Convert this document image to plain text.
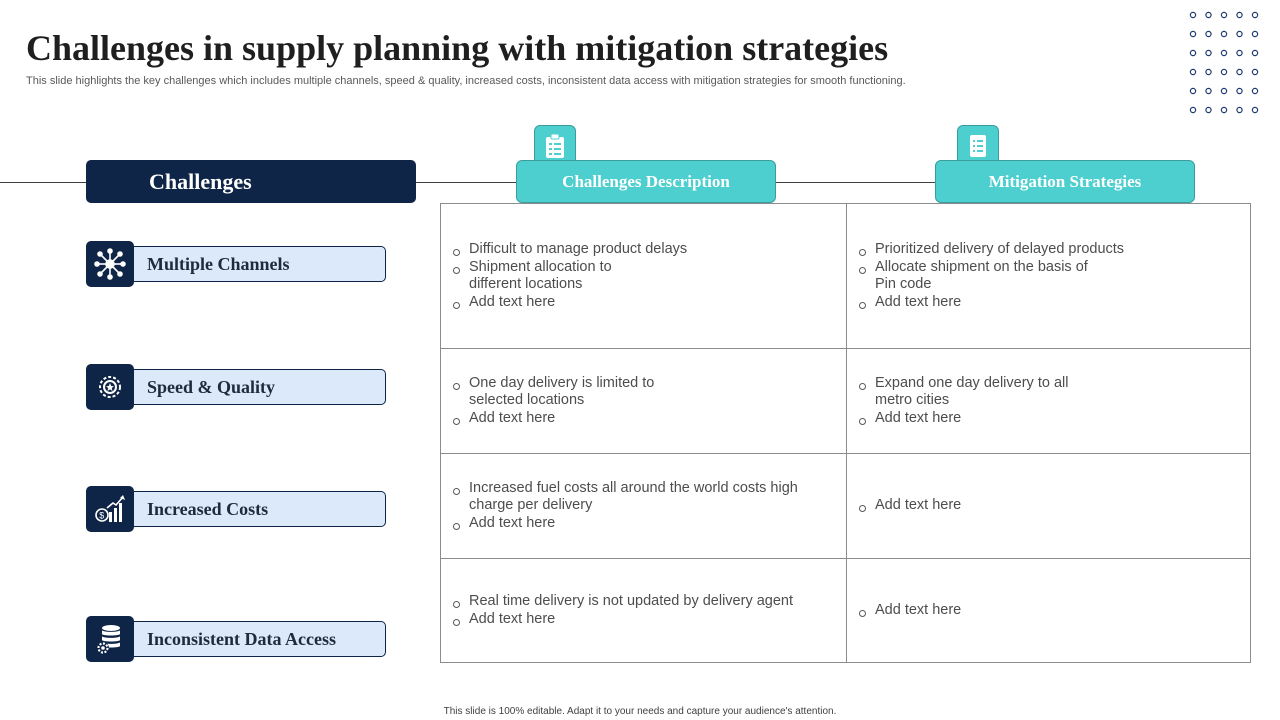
Challenges in supply planning with mitigation strategies
This slide highlights the key challenges which includes multiple channels, speed & quality, increased costs, inconsistent data access with mitigation strategies for smooth functioning.
Challenges	Challenges Description	Mitigation Strategies
Multiple Channels
Speed & Quality
Increased Costs
$
Inconsistent Data Access
Difficult to manage product delays
Shipment allocation to
different locations
Add text here
Prioritized delivery of delayed products
Allocate shipment on the basis of
Pin code
Add text here
One day delivery is limited to
selected locations
Add text here
Expand one day delivery to all
metro cities
Add text here
Increased fuel costs all around the world costs high
charge per delivery
Add text here
Add text here
Real time delivery is not updated by delivery agent
Add text here
Add text here
This slide is 100% editable. Adapt it to your needs and capture your audience's attention.
